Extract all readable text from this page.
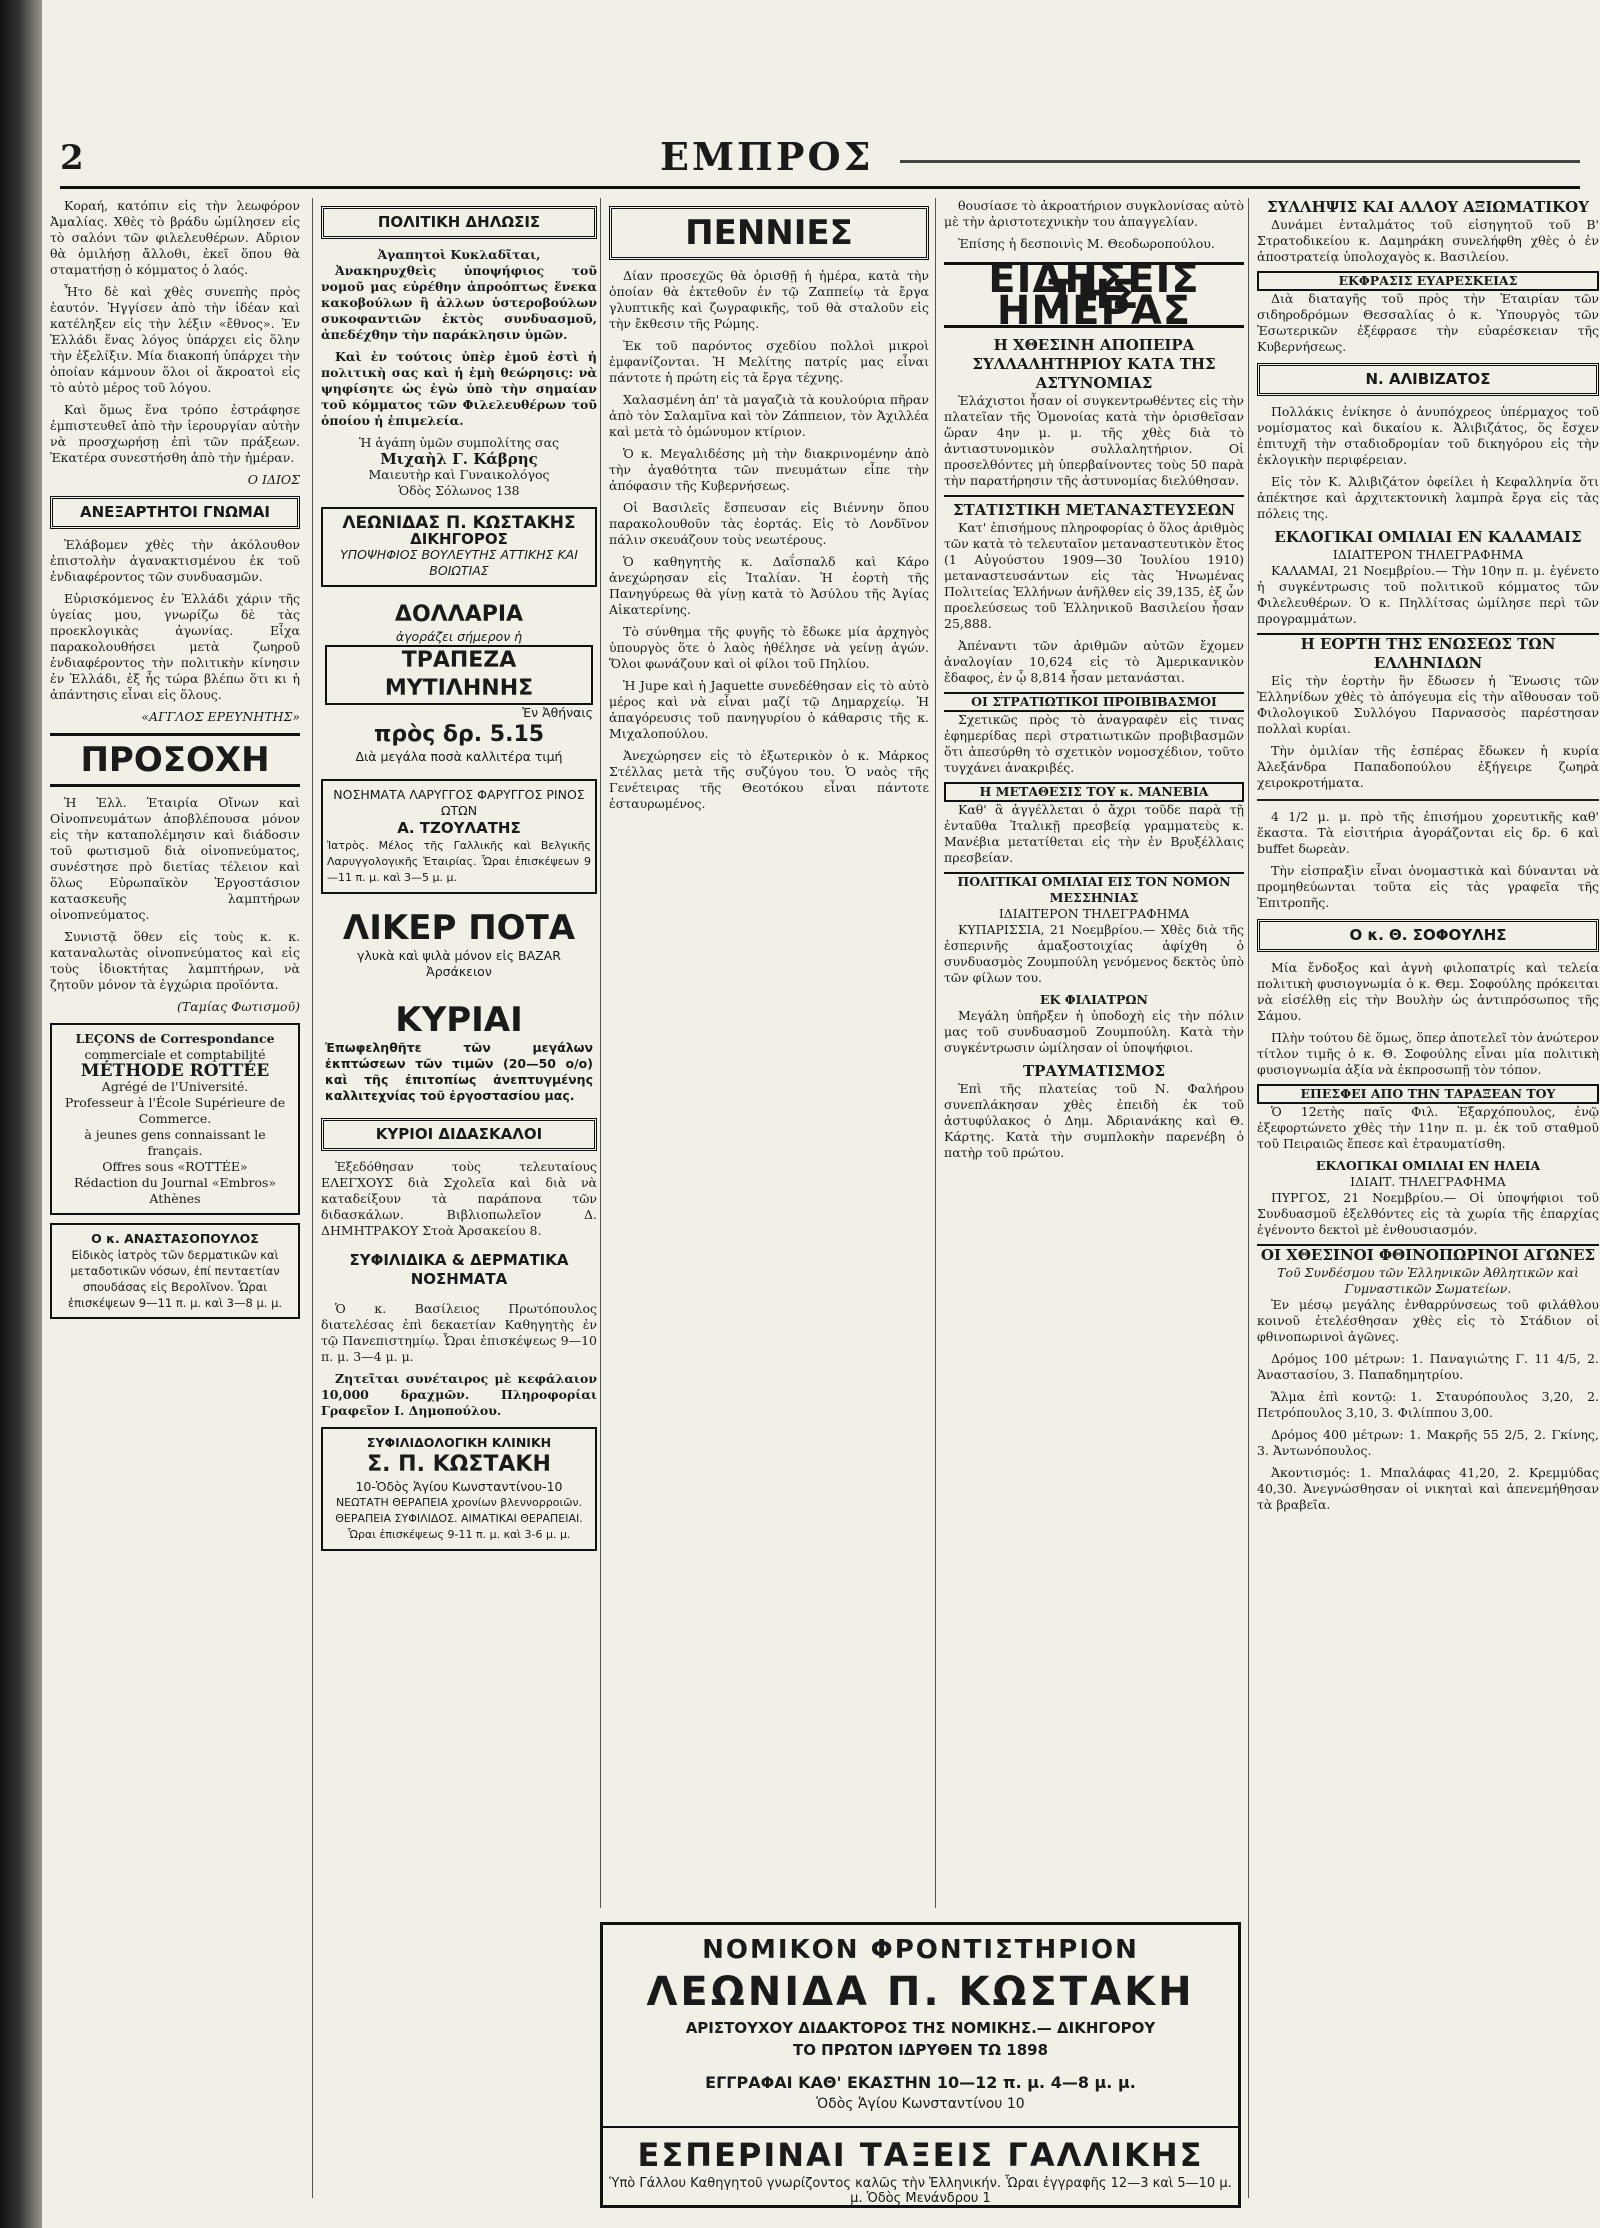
2	ΕΜΠΡΟΣ

Κοραή, κατόπιν εἰς τὴν λεωφόρον Ἀμαλίας. Χθὲς τὸ βράδυ ὡμίλησεν εἰς τὸ σαλόνι τῶν φιλελευθέρων. Αὔριον θὰ ὁμιλήσῃ ἄλλοθι, ἐκεῖ ὅπου θὰ σταματήσῃ ὁ κόμματος ὁ λαός.

Ἦτο δὲ καὶ χθὲς συνεπὴς πρὸς ἑαυτόν. Ἠγγίσεν ἀπὸ τὴν ἰδέαν καὶ κατέληξεν εἰς τὴν λέξιν «ἔθνος». Ἐν Ἑλλάδι ἕνας λόγος ὑπάρχει εἰς ὅλην τὴν ἐξελίξιν. Μία διακοπή ὑπάρχει τὴν ὁποίαν κάμνουν ὅλοι οἱ ἄκροατοὶ εἰς τὸ αὐτὸ μέρος τοῦ λόγου.

Καὶ ὅμως ἕνα τρόπο ἐστράφησε ἐμπιστευθεῖ ἀπὸ τὴν ἱερουργίαν αὐτὴν νὰ προσχωρήσῃ ἐπὶ τῶν πράξεων. Ἐκατέρα συνεστήσθη ἀπὸ τὴν ἡμέραν.

Ο ΙΔΙΟΣ
ΑΝΕΞΑΡΤΗΤΟΙ ΓΝΩΜΑΙ

Ἐλάβομεν χθὲς τὴν ἀκόλουθον ἐπιστολὴν ἀγανακτισμένου ἐκ τοῦ ἐνδιαφέροντος τῶν συνδυασμῶν.

Εὑρισκόμενος ἐν Ἑλλάδι χάριν τῆς ὑγείας μου, γνωρίζω δὲ τὰς προεκλογικὰς ἀγωνίας. Εἶχα παρακολουθήσει μετὰ ζωηροῦ ἐνδιαφέροντος τὴν πολιτικὴν κίνησιν ἐν Ἑλλάδι, ἐξ ἧς τώρα βλέπω ὅτι κι ἡ ἀπάντησις εἶναι εἰς ὅλους.

«ΑΓΓΛΟΣ ΕΡΕΥΝΗΤΗΣ»
ΠΡΟΣΟΧΗ

Ἡ Ἑλλ. Ἑταιρία Οἴνων καὶ Οἰνοπνευμάτων ἀποβλέπουσα μόνον εἰς τὴν καταπολέμησιν καὶ διάδοσιν τοῦ φωτισμοῦ διὰ οἰνοπνεύματος, συνέστησε πρὸ διετίας τέλειον καὶ ὅλως Εὐρωπαϊκὸν Ἐργοστάσιον κατασκευῆς λαμπτήρων οἰνοπνεύματος.

Συνιστᾷ ὅθεν εἰς τοὺς κ. κ. καταναλωτὰς οἰνοπνεύματος καὶ εἰς τοὺς ἰδιοκτήτας λαμπτήρων, νὰ ζητοῦν μόνον τὰ ἐγχώρια προϊόντα.

(Ταμίας Φωτισμοῦ)
LEÇONS de Correspondance
commerciale et comptabilité
MÉTHODE ROTTÉE
Agrégé de l'Université.
Professeur à l'École Supérieure de
Commerce.
à jeunes gens connaissant le
français.
Offres sous «ROTTÉE»
Rédaction du Journal «Embros»
Athènes
Ο κ. ΑΝΑΣΤΑΣΟΠΟΥΛΟΣ
Εἰδικὸς ἰατρὸς τῶν δερματικῶν καὶ μεταδοτικῶν νόσων, ἐπί πενταετίαν σπουδάσας εἰς Βερολῖνον. Ὧραι ἐπισκέψεων 9—11 π. μ. καὶ 3—8 μ. μ.
ΠΟΛΙΤΙΚΗ ΔΗΛΩΣΙΣ
Ἀγαπητοὶ Κυκλαδῖται,

Ἀνακηρυχθεὶς ὑποψήφιος τοῦ νομοῦ μας εὐρέθην ἀπροόπτως ἕνεκα κακοβούλων ἢ ἀλλων ὑστεροβούλων συκοφαντιῶν ἐκτὸς συνδυασμοῦ, ἀπεδέχθην τὴν παράκλησιν ὑμῶν.

Καὶ ἐν τούτοις ὑπὲρ ἐμοῦ ἐστὶ ἡ πολιτικὴ σας καὶ ἡ ἐμὴ θεώρησις: νὰ ψηφίσητε ὡς ἐγὼ ὑπὸ τὴν σημαίαν τοῦ κόμματος τῶν Φιλελευθέρων τοῦ ὁποίου ἡ ἐπιμελεία.

Ἡ ἀγάπη ὑμῶν συμπολίτης σας
Μιχαὴλ Γ. Κάβρης
Μαιευτὴρ καὶ Γυναικολόγος
Ὁδὸς Σόλωνος 138
ΛΕΩΝΙΔΑΣ Π. ΚΩΣΤΑΚΗΣ
ΔΙΚΗΓΟΡΟΣ
ΥΠΟΨΗΦΙΟΣ ΒΟΥΛΕΥΤΗΣ ΑΤΤΙΚΗΣ ΚΑΙ ΒΟΙΩΤΙΑΣ
ΔΟΛΛΑΡΙΑ
ἀγοράζει σήμερον ἡ
ΤΡΑΠΕΖΑ ΜΥΤΙΛΗΝΗΣ
Ἐν Ἀθήναις
πρὸς δρ. 5.15
Διὰ μεγάλα ποσὰ καλλιτέρα τιμή
ΝΟΣΗΜΑΤΑ ΛΑΡΥΓΓΟΣ ΦΑΡΥΓΓΟΣ ΡΙΝΟΣ ΩΤΩΝ
Α. ΤΖΟΥΛΑΤΗΣ
Ἰατρὸς. Μέλος τῆς Γαλλικῆς καὶ Βελγικῆς Λαρυγγολογικῆς Ἑταιρίας. Ὧραι ἐπισκέψεων 9—11 π. μ. καὶ 3—5 μ. μ.
ΛΙΚΕΡ ΠΟΤΑ
γλυκὰ καὶ ψιλὰ μόνον εἰς BAZAR Ἀρσάκειον
ΚΥΡΙΑΙ
Ἐπωφεληθῆτε τῶν μεγάλων ἐκπτώσεων τῶν τιμῶν (20—50 ο/ο) καὶ τῆς ἐπιτοπίως ἀνεπτυγμένης καλλιτεχνίας τοῦ ἐργοστασίου μας.
ΚΥΡΙΟΙ ΔΙΔΑΣΚΑΛΟΙ

Ἐξεδόθησαν τοὺς τελευταίους ΕΛΕΓΧΟΥΣ διὰ Σχολεῖα καὶ διὰ νὰ καταδείξουν τὰ παράπονα τῶν διδασκάλων. Βιβλιοπωλεῖον Δ. ΔΗΜΗΤΡΑΚΟΥ Στοὰ Ἀρσακείου 8.

ΣΥΦΙΛΙΔΙΚΑ & ΔΕΡΜΑΤΙΚΑ ΝΟΣΗΜΑΤΑ

Ὁ κ. Βασίλειος Πρωτόπουλος διατελέσας ἐπὶ δεκαετίαν Καθηγητὴς ἐν τῷ Πανεπιστημίῳ. Ὧραι ἐπισκέψεως 9—10 π. μ. 3—4 μ. μ.

Ζητεῖται συνέταιρος μὲ κεφάλαιον 10,000 δραχμῶν. Πληροφορίαι Γραφεῖον Ι. Δημοπούλου.

ΣΥΦΙΛΙΔΟΛΟΓΙΚΗ ΚΛΙΝΙΚΗ
Σ. Π. ΚΩΣΤΑΚΗ
10-Ὁδὸς Ἁγίου Κωνσταντίνου-10
ΝΕΩΤΑΤΗ ΘΕΡΑΠΕΙΑ χρονίων βλεννορροιῶν. ΘΕΡΑΠΕΙΑ ΣΥΦΙΛΙΔΟΣ. ΑΙΜΑΤΙΚΑΙ ΘΕΡΑΠΕΙΑΙ. Ὧραι ἐπισκέψεως 9-11 π. μ. καὶ 3-6 μ. μ.
ΠΕΝΝΙΕΣ

Δίαν προσεχῶς θὰ ὁρισθῇ ἡ ἡμέρα, κατὰ τὴν ὁποίαν θὰ ἐκτεθοῦν ἐν τῷ Ζαππείῳ τὰ ἔργα γλυπτικῆς καὶ ζωγραφικῆς, τοῦ θὰ σταλοῦν εἰς τὴν ἔκθεσιν τῆς Ρώμης.

Ἐκ τοῦ παρόντος σχεδίου πολλοὶ μικροὶ ἐμφανίζονται. Ἡ Μελίτης πατρίς μας εἶναι πάντοτε ἡ πρώτη εἰς τὰ ἔργα τέχνης.

Χαλασμένη ἀπ' τὰ μαγαζιὰ τὰ κουλούρια πῆραν ἀπὸ τὸν Σαλαμῖνα καὶ τὸν Ζάππειον, τὸν Ἀχιλλέα καὶ μετὰ τὸ ὁμώνυμον κτίριον.

Ὁ κ. Μεγαλιδέσης μὴ τὴν διακρινομένην ἀπὸ τὴν ἀγαθότητα τῶν πνευμάτων εἶπε τὴν ἀπόφασιν τῆς Κυβερνήσεως.

Οἱ Βασιλεῖς ἔσπευσαν εἰς Βιέννην ὅπου παρακολουθοῦν τὰς ἐορτάς. Εἰς τὸ Λονδῖνον πάλιν σκευάζουν τοὺς νεωτέρους.

Ὁ καθηγητὴς κ. Δαΐσπαλδ καὶ Κάρο ἀνεχώρησαν εἰς Ἰταλίαν. Ἡ ἑορτὴ τῆς Πανηγύρεως θὰ γίνῃ κατὰ τὸ Ἀσύλου τῆς Ἁγίας Αἰκατερίνης.

Τὸ σύνθημα τῆς φυγῆς τὸ ἔδωκε μία ἀρχηγὸς ὑπουργὸς ὅτε ὁ λαὸς ἠθέλησε νὰ γείνῃ ἀγών. Ὅλοι φωνάζουν καὶ οἱ φίλοι τοῦ Πηλίου.

Ἡ Jupe καὶ ἡ Jaquette συνεδέθησαν εἰς τὸ αὐτὸ μέρος καὶ νὰ εἶναι μαζί τῷ Δημαρχείῳ. Ἡ ἀπαγόρευσις τοῦ πανηγυρίου ὁ κάθαρσις τῆς κ. Μιχαλοπούλου.

Ἀνεχώρησεν εἰς τὸ ἐξωτερικὸν ὁ κ. Μάρκος Στέλλας μετὰ τῆς συζύγου του. Ὁ ναὸς τῆς Γενέτειρας τῆς Θεοτόκου εἶναι πάντοτε ἐσταυρωμένος.

θουσίασε τὸ ἀκροατήριον συγκλονίσας αὐτὸ μὲ τὴν ἀριστοτεχνικὴν του ἀπαγγελίαν.

Ἐπίσης ἡ δεσποινὶς Μ. Θεοδωροπούλου.

ΕΙΔΗΣΕΙΣ ΤΗΣ ΗΜΕΡΑΣ
Η ΧΘΕΣΙΝΗ ΑΠΟΠΕΙΡΑ ΣΥΛΛΑΛΗΤΗΡΙΟΥ ΚΑΤΑ ΤΗΣ ΑΣΤΥΝΟΜΙΑΣ

Ἐλάχιστοι ἦσαν οἱ συγκεντρωθέντες εἰς τὴν πλατεῖαν τῆς Ὁμονοίας κατὰ τὴν ὁρισθεῖσαν ὥραν 4ην μ. μ. τῆς χθὲς διὰ τὸ ἀντιαστυνομικὸν συλλαλητήριον. Οἱ προσελθόντες μὴ ὑπερβαίνοντες τοὺς 50 παρὰ τὴν παρατήρησιν τῆς ἀστυνομίας διελύθησαν.

ΣΤΑΤΙΣΤΙΚΗ ΜΕΤΑΝΑΣΤΕΥΣΕΩΝ

Κατ' ἐπισήμους πληροφορίας ὁ ὅλος ἀριθμὸς τῶν κατὰ τὸ τελευταῖον μεταναστευτικὸν ἔτος (1 Αὐγούστου 1909—30 Ἰουλίου 1910) μεταναστευσάντων εἰς τὰς Ἡνωμένας Πολιτείας Ἑλλήνων ἀνῆλθεν εἰς 39,135, ἐξ ὧν προελεύσεως τοῦ Ἑλληνικοῦ Βασιλείου ἦσαν 25,888.

Ἀπέναντι τῶν ἀριθμῶν αὐτῶν ἔχομεν ἀναλογίαν 10,624 εἰς τὸ Ἀμερικανικὸν ἔδαφος, ἐν ᾧ 8,814 ἦσαν μετανάσται.

ΟΙ ΣΤΡΑΤΙΩΤΙΚΟΙ ΠΡΟΙΒΙΒΑΣΜΟΙ

Σχετικῶς πρὸς τὸ ἀναγραφὲν εἰς τινας ἐφημερίδας περὶ στρατιωτικῶν προβιβασμῶν ὅτι ἀπεσύρθη τὸ σχετικὸν νομοσχέδιον, τοῦτο τυγχάνει ἀνακριβές.

Η ΜΕΤΑΘΕΣΙΣ ΤΟΥ κ. ΜΑΝΕΒΙΑ

Καθ' ἃ ἀγγέλλεται ὁ ἄχρι τοῦδε παρὰ τῇ ἐνταῦθα Ἰταλικῇ πρεσβείᾳ γραμματεὺς κ. Μανέβια μετατίθεται εἰς τὴν ἐν Βρυξέλλαις πρεσβείαν.

ΠΟΛΙΤΙΚΑΙ ΟΜΙΛΙΑΙ ΕΙΣ ΤΟΝ ΝΟΜΟΝ ΜΕΣΣΗΝΙΑΣ
ΙΔΙΑΙΤΕΡΟΝ ΤΗΛΕΓΡΑΦΗΜΑ

ΚΥΠΑΡΙΣΣΙΑ, 21 Νοεμβρίου.— Χθὲς διὰ τῆς ἑσπερινῆς ἁμαξοστοιχίας ἀφίχθη ὁ συνδυασμὸς Ζουμπούλη γενόμενος δεκτὸς ὑπὸ τῶν φίλων του.

ΕΚ ΦΙΛΙΑΤΡΩΝ

Μεγάλη ὑπῆρξεν ἡ ὑποδοχὴ εἰς τὴν πόλιν μας τοῦ συνδυασμοῦ Ζουμπούλη. Κατὰ τὴν συγκέντρωσιν ὡμίλησαν οἱ ὑποψήφιοι.

ΤΡΑΥΜΑΤΙΣΜΟΣ

Ἐπὶ τῆς πλατείας τοῦ Ν. Φαλήρου συνεπλάκησαν χθὲς ἐπειδὴ ἐκ τοῦ ἀστυφύλακος ὁ Δημ. Ἀδριανάκης καὶ Θ. Κάρτης. Κατὰ τὴν συμπλοκὴν παρενέβη ὁ πατὴρ τοῦ πρώτου.

ΣΥΛΛΗΨΙΣ ΚΑΙ ΑΛΛΟΥ ΑΞΙΩΜΑΤΙΚΟΥ

Δυνάμει ἐνταλμάτος τοῦ εἰσηγητοῦ τοῦ Β' Στρατοδικείου κ. Δαμηράκη συνελήφθη χθὲς ὁ ἐν ἀποστρατείᾳ ὑπολοχαγὸς κ. Βασιλείου.

ΕΚΦΡΑΣΙΣ ΕΥΑΡΕΣΚΕΙΑΣ

Διὰ διαταγῆς τοῦ πρὸς τὴν Ἑταιρίαν τῶν σιδηροδρόμων Θεσσαλίας ὁ κ. Ὑπουργὸς τῶν Ἐσωτερικῶν ἐξέφρασε τὴν εὐαρέσκειαν τῆς Κυβερνήσεως.

Ν. ΑΛΙΒΙΖΑΤΟΣ

Πολλάκις ἐνίκησε ὁ ἀνυπόχρεος ὑπέρμαχος τοῦ νομίσματος καὶ δικαίου κ. Ἀλιβιζάτος, ὅς ἔσχεν ἐπιτυχῆ τὴν σταδιοδρομίαν τοῦ δικηγόρου εἰς τὴν ἐκλογικὴν περιφέρειαν.

Εἰς τὸν Κ. Ἀλιβιζάτον ὀφείλει ἡ Κεφαλληνία ὅτι ἀπέκτησε καὶ ἀρχιτεκτονικὴ λαμπρὰ ἔργα εἰς τὰς πόλεις της.

ΕΚΛΟΓΙΚΑΙ ΟΜΙΛΙΑΙ ΕΝ ΚΑΛΑΜΑΙΣ
ΙΔΙΑΙΤΕΡΟΝ ΤΗΛΕΓΡΑΦΗΜΑ

ΚΑΛΑΜΑΙ, 21 Νοεμβρίου.— Τὴν 10ην π. μ. ἐγένετο ἡ συγκέντρωσις τοῦ πολιτικοῦ κόμματος τῶν Φιλελευθέρων. Ὁ κ. Πηλλίτσας ὡμίλησε περὶ τῶν προγραμμάτων.

Η ΕΟΡΤΗ ΤΗΣ ΕΝΩΣΕΩΣ ΤΩΝ ΕΛΛΗΝΙΔΩΝ

Εἰς τὴν ἑορτὴν ἣν ἔδωσεν ἡ Ἕνωσις τῶν Ἑλληνίδων χθὲς τὸ ἀπόγευμα εἰς τὴν αἴθουσαν τοῦ Φιλολογικοῦ Συλλόγου Παρνασσὸς παρέστησαν πολλαὶ κυρίαι.

Τὴν ὁμιλίαν τῆς ἑσπέρας ἔδωκεν ἡ κυρία Ἀλεξάνδρα Παπαδοπούλου ἐξήγειρε ζωηρὰ χειροκροτήματα.

4 1/2 μ. μ. πρὸ τῆς ἐπισήμου χορευτικῆς καθ' ἕκαστα. Τὰ εἰσιτήρια ἀγοράζονται εἰς δρ. 6 καὶ buffet δωρεὰν.

Τὴν εἰσπραξὶν εἶναι ὀνομαστικὰ καὶ δύνανται νὰ προμηθεύωνται τοῦτα εἰς τὰς γραφεῖα τῆς Ἐπιτροπῆς.

Ο κ. Θ. ΣΟΦΟΥΛΗΣ

Μία ἔνδοξος καὶ ἀγνὴ φιλοπατρίς καὶ τελεία πολιτικὴ φυσιογνωμία ὁ κ. Θεμ. Σοφούλης πρόκειται νὰ εἰσέλθῃ εἰς τὴν Βουλὴν ὡς ἀντιπρόσωπος τῆς Σάμου.

Πλὴν τούτου δὲ ὅμως, ὅπερ ἀποτελεῖ τὸν ἀνώτερον τίτλον τιμῆς ὁ κ. Θ. Σοφούλης εἶναι μία πολιτικὴ φυσιογνωμία ἀξία νὰ ἐκπροσωπῇ τὸν τόπον.

ΕΠΕΣΦΕΙ ΑΠΟ ΤΗΝ ΤΑΡΑΞΕΑΝ ΤΟΥ

Ὁ 12ετὴς παῖς Φιλ. Ἐξαρχόπουλος, ἐνῷ ἐξεφορτώνετο χθὲς τὴν 11ην π. μ. ἐκ τοῦ σταθμοῦ τοῦ Πειραιῶς ἔπεσε καὶ ἐτραυματίσθη.

ΕΚΛΟΓΙΚΑΙ ΟΜΙΛΙΑΙ ΕΝ ΗΛΕΙΑ
ΙΔΙΑΙΤ. ΤΗΛΕΓΡΑΦΗΜΑ

ΠΥΡΓΟΣ, 21 Νοεμβρίου.— Οἱ ὑποψήφιοι τοῦ Συνδυασμοῦ ἐξελθόντες εἰς τὰ χωρία τῆς ἐπαρχίας ἐγένοντο δεκτοὶ μὲ ἐνθουσιασμόν.

ΟΙ ΧΘΕΣΙΝΟΙ ΦΘΙΝΟΠΩΡΙΝΟΙ ΑΓΩΝΕΣ
Τοῦ Συνδέσμου τῶν Ἑλληνικῶν Ἀθλητικῶν καὶ Γυμναστικῶν Σωματείων.

Ἐν μέσῳ μεγάλης ἐνθαρρύνσεως τοῦ φιλάθλου κοινοῦ ἐτελέσθησαν χθὲς εἰς τὸ Στάδιον οἱ φθινοπωρινοὶ ἀγῶνες.

Δρόμος 100 μέτρων: 1. Παναγιώτης Γ. 11 4/5, 2. Ἀναστασίου, 3. Παπαδημητρίου.

Ἅλμα ἐπὶ κοντῷ: 1. Σταυρόπουλος 3,20, 2. Πετρόπουλος 3,10, 3. Φιλίππου 3,00.

Δρόμος 400 μέτρων: 1. Μακρῆς 55 2/5, 2. Γκίνης, 3. Ἀντωνόπουλος.

Ἀκοντισμός: 1. Μπαλάφας 41,20, 2. Κρεμμύδας 40,30. Ἀνεγνώσθησαν οἱ νικηταὶ καὶ ἀπενεμήθησαν τὰ βραβεῖα.

ΝΟΜΙΚΟΝ ΦΡΟΝΤΙΣΤΗΡΙΟΝ
ΛΕΩΝΙΔΑ Π. ΚΩΣΤΑΚΗ
ΑΡΙΣΤΟΥΧΟΥ ΔΙΔΑΚΤΟΡΟΣ ΤΗΣ ΝΟΜΙΚΗΣ.— ΔΙΚΗΓΟΡΟΥ
ΤΟ ΠΡΩΤΟΝ ΙΔΡΥΘΕΝ ΤΩ 1898
ΕΓΓΡΑΦΑΙ ΚΑΘ' ΕΚΑΣΤΗΝ 10—12 π. μ. 4—8 μ. μ.
Ὁδὸς Ἁγίου Κωνσταντίνου 10
ΕΣΠΕΡΙΝΑΙ ΤΑΞΕΙΣ ΓΑΛΛΙΚΗΣ
Ὑπὸ Γάλλου Καθηγητοῦ γνωρίζοντος καλῶς τὴν Ἑλληνικήν. Ὧραι ἐγγραφῆς 12—3 καὶ 5—10 μ. μ. Ὁδὸς Μενάνδρου 1
